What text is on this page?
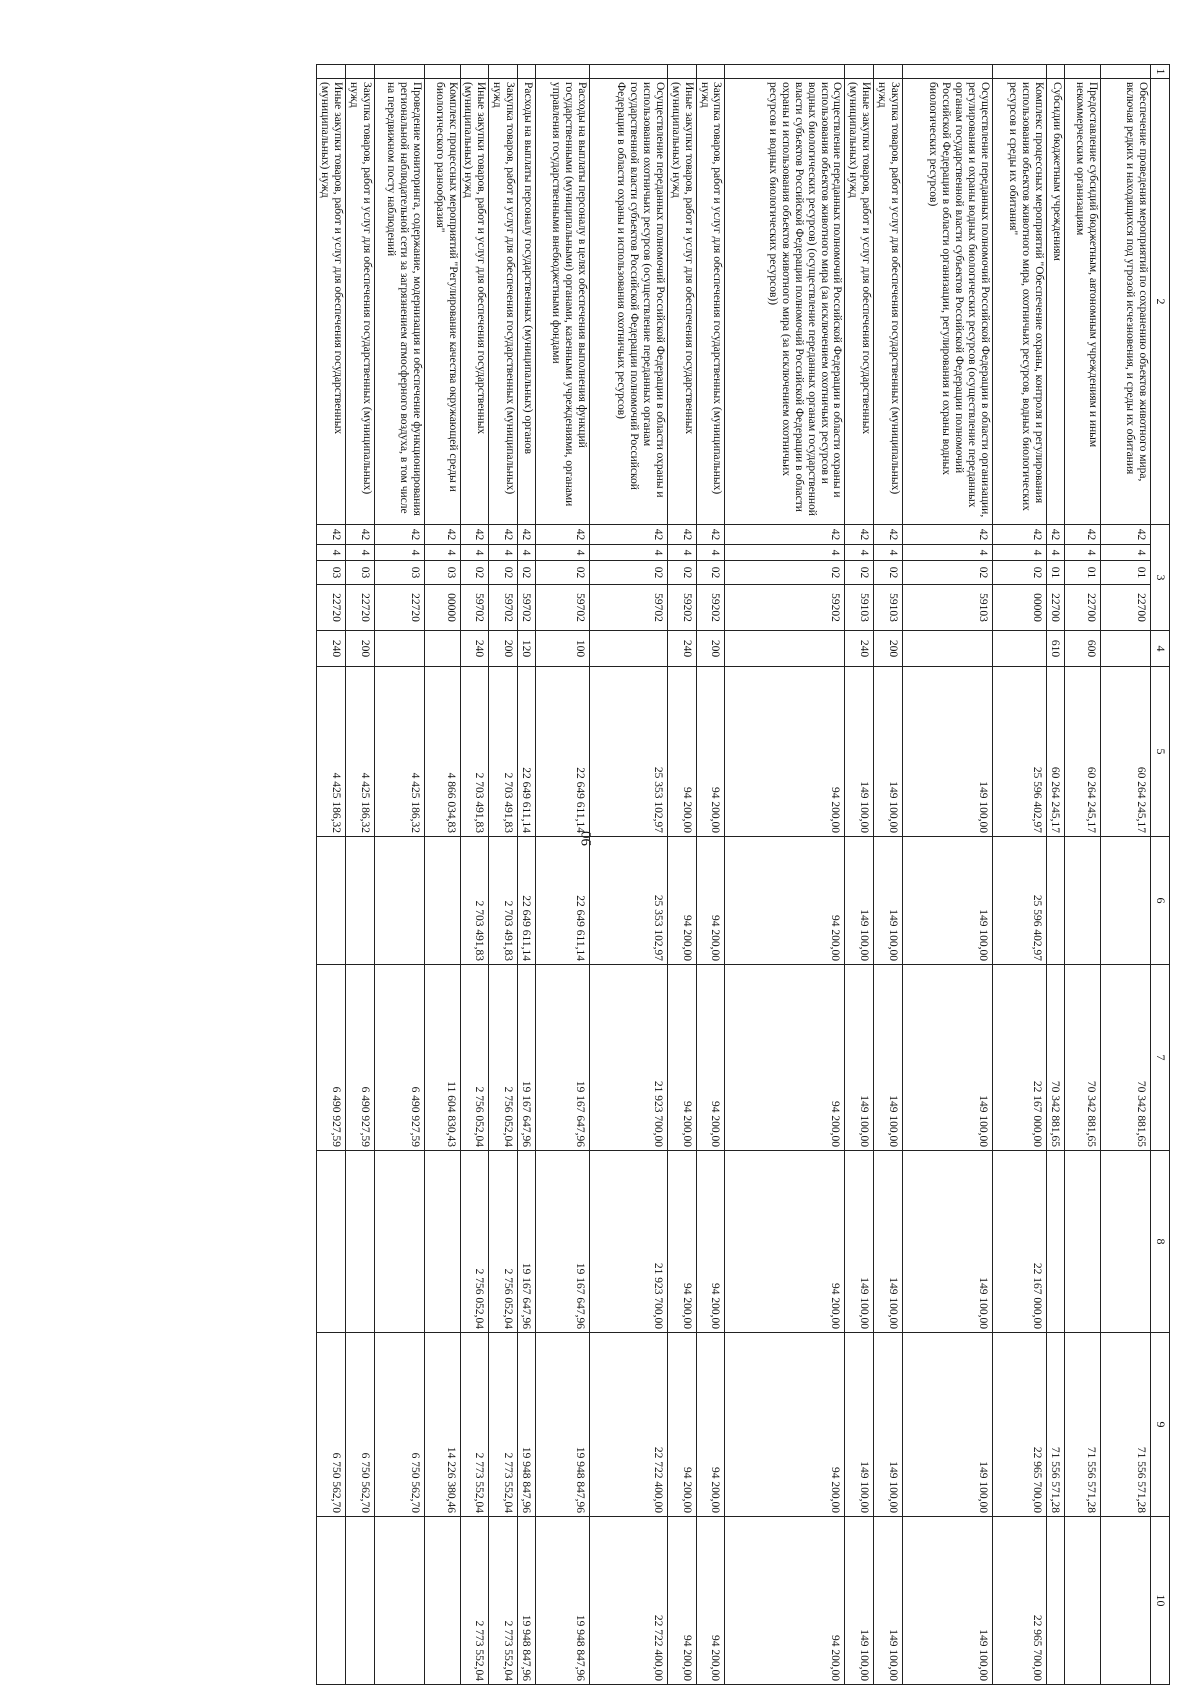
90
1	2	3				4	5	6	7	8	9	10
	Обеспечение проведения мероприятий по сохранению объектов животного мира, включая редких и находящихся под угрозой исчезновения, и среды их обитания	42	4	01	22700		60 264 245,17		70 342 881,65		71 556 571,28	
	Предоставление субсидий бюджетным, автономным учреждениям и иным некоммерческим организациям	42	4	01	22700	600	60 264 245,17		70 342 881,65		71 556 571,28	
	Субсидии бюджетным учреждениям	42	4	01	22700	610	60 264 245,17		70 342 881,65		71 556 571,28	
	Комплекс процессных мероприятий "Обеспечение охраны, контроля и регулирования использования объектов животного мира, охотничьих ресурсов, водных биологических ресурсов и среды их обитания"	42	4	02	00000		25 596 402,97	25 596 402,97	22 167 000,00	22 167 000,00	22 965 700,00	22 965 700,00
	Осуществление переданных полномочий Российской Федерации в области организации, регулирования и охраны водных биологических ресурсов (осуществление переданных органам государственной власти субъектов Российской Федерации полномочий Российской Федерации в области организации, регулирования и охраны водных биологических ресурсов)	42	4	02	59103		149 100,00	149 100,00	149 100,00	149 100,00	149 100,00	149 100,00
	Закупка товаров, работ и услуг для обеспечения государственных (муниципальных) нужд	42	4	02	59103	200	149 100,00	149 100,00	149 100,00	149 100,00	149 100,00	149 100,00
	Иные закупки товаров, работ и услуг для обеспечения государственных (муниципальных) нужд	42	4	02	59103	240	149 100,00	149 100,00	149 100,00	149 100,00	149 100,00	149 100,00
	Осуществление переданных полномочий Российской Федерации в области охраны и использования объектов животного мира (за исключением охотничьих ресурсов и водных биологических ресурсов) (осуществление переданных органам государственной власти субъектов Российской Федерации полномочий Российской Федерации в области охраны и использования объектов животного мира (за исключением охотничьих ресурсов и водных биологических ресурсов))	42	4	02	59202		94 200,00	94 200,00	94 200,00	94 200,00	94 200,00	94 200,00
	Закупка товаров, работ и услуг для обеспечения государственных (муниципальных) нужд	42	4	02	59202	200	94 200,00	94 200,00	94 200,00	94 200,00	94 200,00	94 200,00
	Иные закупки товаров, работ и услуг для обеспечения государственных (муниципальных) нужд	42	4	02	59202	240	94 200,00	94 200,00	94 200,00	94 200,00	94 200,00	94 200,00
	Осуществление переданных полномочий Российской Федерации в области охраны и использования охотничьих ресурсов (осуществление переданных органам государственной власти субъектов Российской Федерации полномочий Российской Федерации в области охраны и использования охотничьих ресурсов)	42	4	02	59702		25 353 102,97	25 353 102,97	21 923 700,00	21 923 700,00	22 722 400,00	22 722 400,00
	Расходы на выплаты персоналу в целях обеспечения выполнения функций государственными (муниципальными) органами, казенными учреждениями, органами управления государственными внебюджетными фондами	42	4	02	59702	100	22 649 611,14	22 649 611,14	19 167 647,96	19 167 647,96	19 948 847,96	19 948 847,96
	Расходы на выплаты персоналу государственных (муниципальных) органов	42	4	02	59702	120	22 649 611,14	22 649 611,14	19 167 647,96	19 167 647,96	19 948 847,96	19 948 847,96
	Закупка товаров, работ и услуг для обеспечения государственных (муниципальных) нужд	42	4	02	59702	200	2 703 491,83	2 703 491,83	2 756 052,04	2 756 052,04	2 773 552,04	2 773 552,04
	Иные закупки товаров, работ и услуг для обеспечения государственных (муниципальных) нужд	42	4	02	59702	240	2 703 491,83	2 703 491,83	2 756 052,04	2 756 052,04	2 773 552,04	2 773 552,04
	Комплекс процессных мероприятий "Регулирование качества окружающей среды и биологического разнообразия"	42	4	03	00000		4 866 034,83		11 604 830,43		14 226 380,46	
	Проведение мониторинга, содержание, модернизация и обеспечение функционирования региональной наблюдательной сети за загрязнением атмосферного воздуха, в том числе на передвижном посту наблюдений	42	4	03	22720		4 425 186,32		6 490 927,59		6 750 562,70	
	Закупка товаров, работ и услуг для обеспечения государственных (муниципальных) нужд	42	4	03	22720	200	4 425 186,32		6 490 927,59		6 750 562,70	
	Иные закупки товаров, работ и услуг для обеспечения государственных (муниципальных) нужд	42	4	03	22720	240	4 425 186,32		6 490 927,59		6 750 562,70	
